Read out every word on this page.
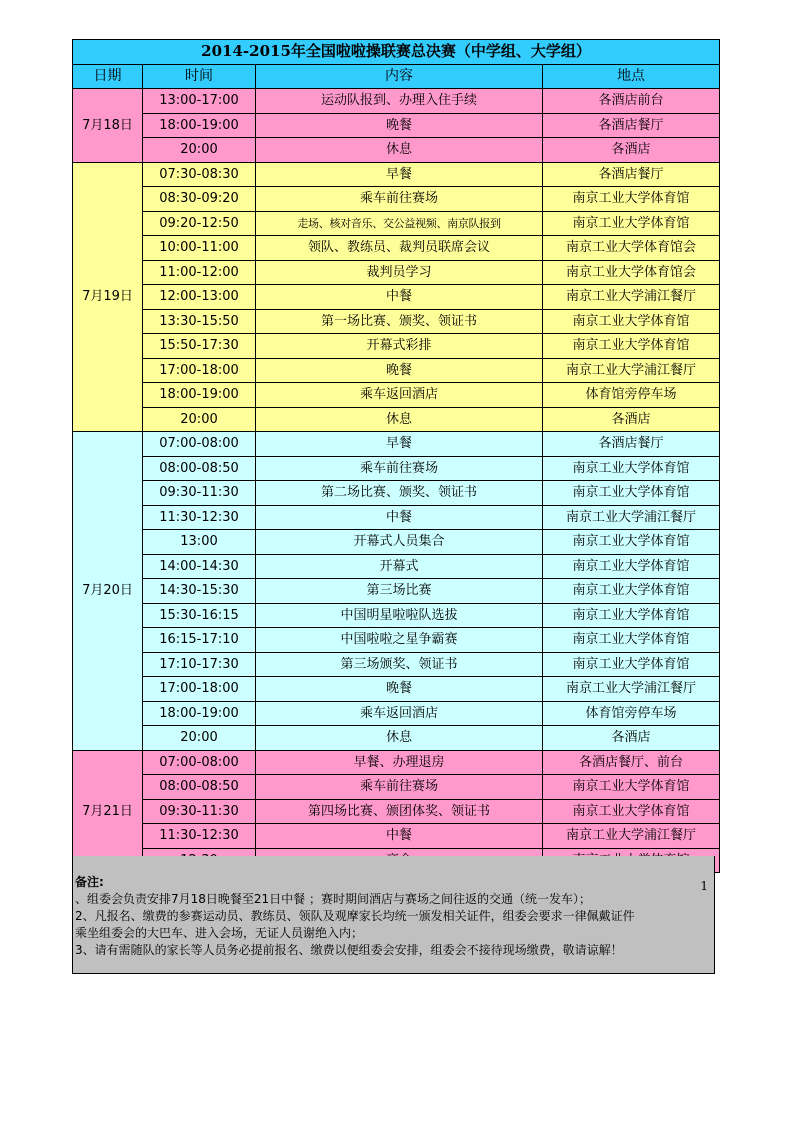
2014-2015年全国啦啦操联赛总决赛（中学组、大学组）			
日期	时间	内容	地点
7月18日	13:00-17:00	运动队报到、办理入住手续	各酒店前台
	18:00-19:00	晚餐	各酒店餐厅
	20:00	休息	各酒店
7月19日	07:30-08:30	早餐	各酒店餐厅
	08:30-09:20	乘车前往赛场	南京工业大学体育馆
	09:20-12:50	走场、核对音乐、交公益视频、南京队报到	南京工业大学体育馆
	10:00-11:00	领队、教练员、裁判员联席会议	南京工业大学体育馆会
	11:00-12:00	裁判员学习	南京工业大学体育馆会
	12:00-13:00	中餐	南京工业大学浦江餐厅
	13:30-15:50	第一场比赛、颁奖、领证书	南京工业大学体育馆
	15:50-17:30	开幕式彩排	南京工业大学体育馆
	17:00-18:00	晚餐	南京工业大学浦江餐厅
	18:00-19:00	乘车返回酒店	体育馆旁停车场
	20:00	休息	各酒店
7月20日	07:00-08:00	早餐	各酒店餐厅
	08:00-08:50	乘车前往赛场	南京工业大学体育馆
	09:30-11:30	第二场比赛、颁奖、领证书	南京工业大学体育馆
	11:30-12:30	中餐	南京工业大学浦江餐厅
	13:00	开幕式人员集合	南京工业大学体育馆
	14:00-14:30	开幕式	南京工业大学体育馆
	14:30-15:30	第三场比赛	南京工业大学体育馆
	15:30-16:15	中国明星啦啦队选拔	南京工业大学体育馆
	16:15-17:10	中国啦啦之星争霸赛	南京工业大学体育馆
	17:10-17:30	第三场颁奖、领证书	南京工业大学体育馆
	17:00-18:00	晚餐	南京工业大学浦江餐厅
	18:00-19:00	乘车返回酒店	体育馆旁停车场
	20:00	休息	各酒店
7月21日	07:00-08:00	早餐、办理退房	各酒店餐厅、前台
	08:00-08:50	乘车前往赛场	南京工业大学体育馆
	09:30-11:30	第四场比赛、颁团体奖、领证书	南京工业大学体育馆
	11:30-12:30	中餐	南京工业大学浦江餐厅

备注:	1
、组委会负责安排7月18日晚餐至21日中餐 ；赛时期间酒店与赛场之间往返的交通（统一发车）；
2、凡报名、缴费的参赛运动员、教练员、领队及观摩家长均统一颁发相关证件，组委会要求一律佩戴证件
乘坐组委会的大巴车、进入会场，无证人员谢绝入内；
3、请有需随队的家长等人员务必提前报名、缴费以便组委会安排，组委会不接待现场缴费，敬请谅解！
